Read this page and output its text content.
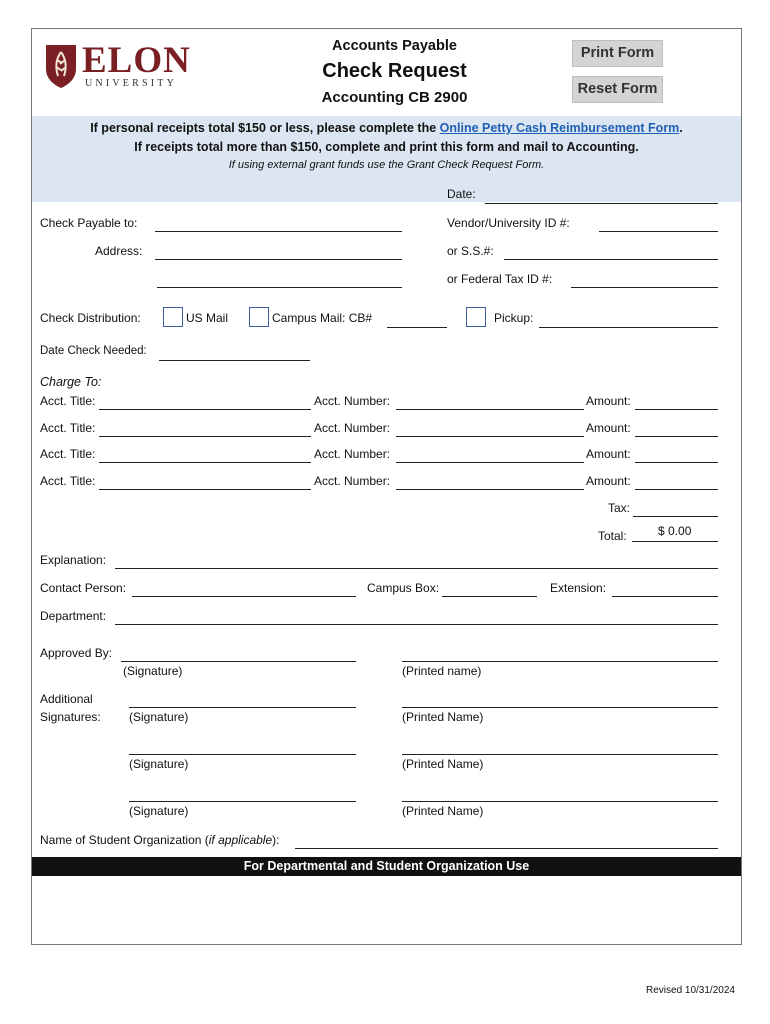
ELON
UNIVERSITY
Accounts Payable
Check Request
Accounting CB 2900
Print Form
Reset Form
If personal receipts total $150 or less, please complete the Online Petty Cash Reimbursement Form.
If receipts total more than $150, complete and print this form and mail to Accounting.
If using external grant funds use the Grant Check Request Form.
Date:
Check Payable to:	Vendor/University ID #:
Address:	or S.S.#:
or Federal Tax ID #:
Check Distribution:	US Mail	Campus Mail: CB#	Pickup:
Date Check Needed:
Charge To:
Acct. Title:	Acct. Number:	Amount:
Acct. Title:	Acct. Number:	Amount:
Acct. Title:	Acct. Number:	Amount:
Acct. Title:	Acct. Number:	Amount:
Tax:
Total:	$ 0.00
Explanation:
Contact Person:	Campus Box:	Extension:
Department:
Approved By:
(Signature)	(Printed name)
Additional
Signatures: (Signature)	(Printed Name)
(Signature)	(Printed Name)
(Signature)	(Printed Name)
Name of Student Organization (if applicable):
For Departmental and Student Organization Use
Revised 10/31/2024
